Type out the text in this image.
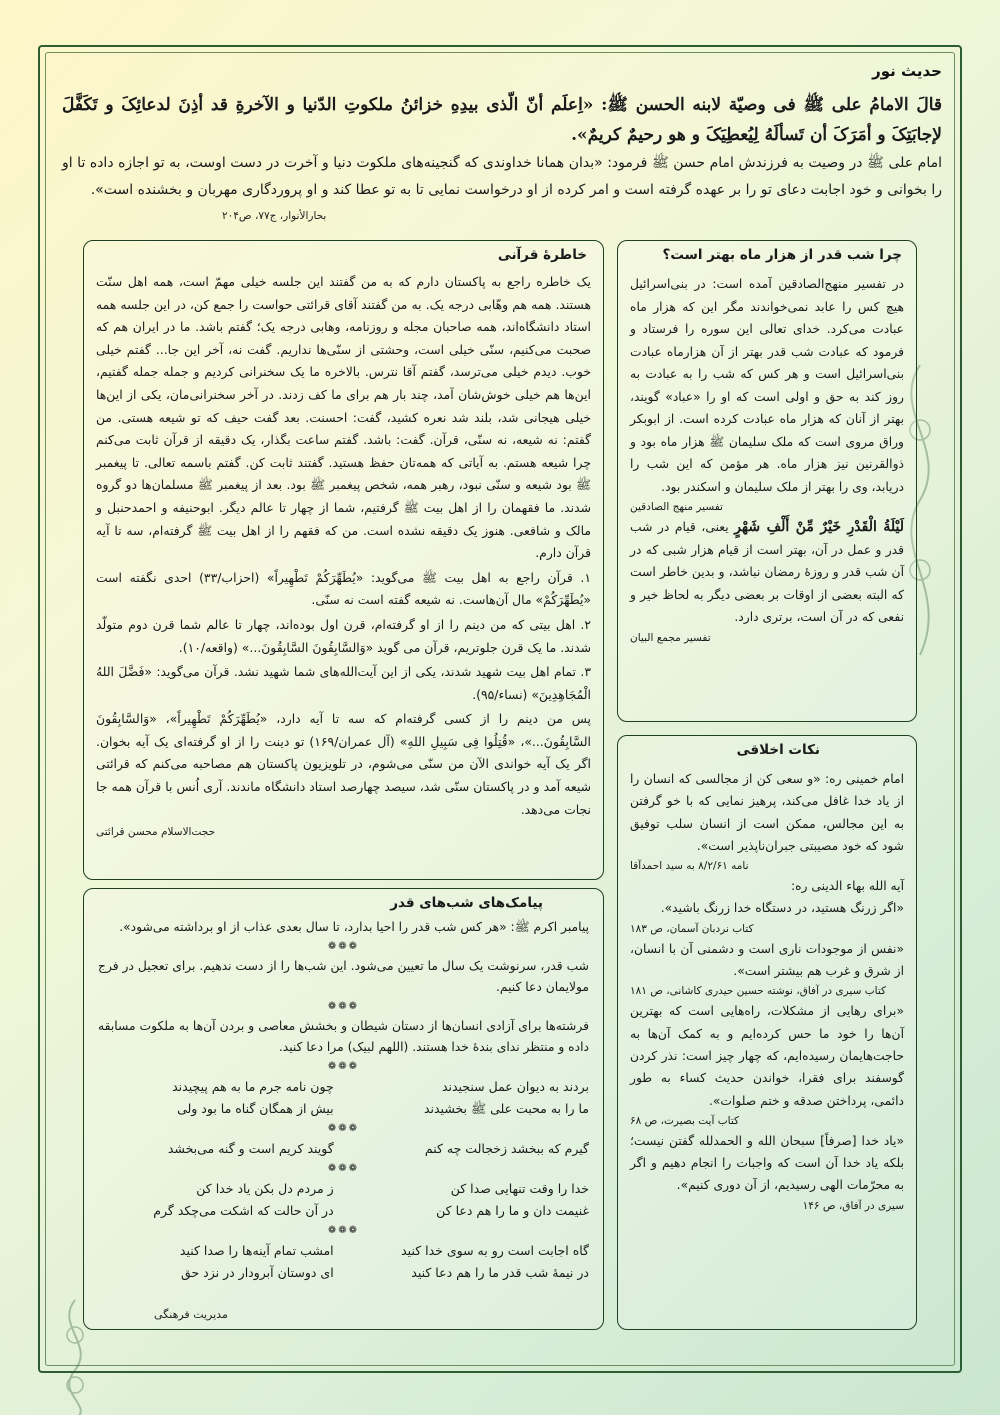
حدیث نور

قالَ الامامُ علی ﷺ فی وصیّة لابنه الحسن ﷺ: «اِعلَم أنّ الّذی بیدِهِ خزائنُ ملکوتِ الدّنیا و الآخرةِ قد أذِنَ لدعائِکَ و تَکَفَّلَ لإجابَتِکَ و أمَرَکَ أن تَسألَهُ لِیُعطِیَکَ و هو رحیمٌ کریمٌ».

امام علی ﷺ در وصیت به فرزندش امام حسن ﷺ فرمود: «بدان همانا خداوندی که گنجینه‌های ملکوت دنیا و آخرت در دست اوست، به تو اجازه داده تا او را بخوانی و خود اجابت دعای تو را بر عهده گرفته است و امر کرده از او درخواست نمایی تا به تو عطا کند و او پروردگاری مهربان و بخشنده است».

بحارالأنوار، ج۷۷، ص۲۰۴
خاطرهٔ قرآنی

یک خاطره راجع به پاکستان دارم که به من گفتند این جلسه خیلی مهمّ است، همه اهل سنّت هستند. همه هم وهّابی درجه یک. به من گفتند آقای قرائتی حواست را جمع کن، در این جلسه همه استاد دانشگاه‌اند، همه صاحبان مجله و روزنامه، وهابی درجه یک؛ گفتم باشد. ما در ایران هم که صحبت می‌کنیم، سنّی خیلی است، وحشتی از سنّی‌ها نداریم. گفت نه، آخر این جا... گفتم خیلی خوب. دیدم خیلی می‌ترسد، گفتم آقا نترس. بالاخره ما یک سخنرانی کردیم و جمله جمله گفتیم، این‌ها هم خیلی خوش‌شان آمد، چند بار هم برای ما کف زدند. در آخر سخنرانی‌مان، یکی از این‌ها خیلی هیجانی شد، بلند شد نعره کشید، گفت: احسنت. بعد گفت حیف که تو شیعه هستی. من گفتم: نه شیعه، نه سنّی، قرآن. گفت: باشد. گفتم ساعت بگذار، یک دقیقه از قرآن ثابت می‌کنم چرا شیعه هستم. به آیاتی که همه‌تان حفظ هستید. گفتند ثابت کن. گفتم باسمه تعالی. تا پیغمبر ﷺ بود شیعه و سنّی نبود، رهبر همه، شخص پیغمبر ﷺ بود. بعد از پیغمبر ﷺ مسلمان‌ها دو گروه شدند. ما فقهمان را از اهل بیت ﷺ گرفتیم، شما از چهار تا عالم دیگر. ابوحنیفه و احمدحنبل و مالک و شافعی. هنوز یک دقیقه نشده است. من که فقهم را از اهل بیت ﷺ گرفته‌ام، سه تا آیه قرآن دارم.

۱. قرآن راجع به اهل بیت ﷺ می‌گوید: «یُطَهِّرَکُمْ تَطْهِیراً» (احزاب/۳۳) احدی نگفته است «یُطَهِّرَکُمْ» مال آن‌هاست. نه شیعه گفته است نه سنّی.

۲. اهل بیتی که من دینم را از او گرفته‌ام، قرن اول بوده‌اند، چهار تا عالم شما قرن دوم متولّد شدند. ما یک قرن جلوتریم، قرآن می گوید «وَالسَّابِقُونَ السَّابِقُونَ...» (واقعه/۱۰).

۳. تمام اهل بیت شهید شدند، یکی از این آیت‌الله‌های شما شهید نشد. قرآن می‌گوید: «فَضَّلَ اللهُ الْمُجَاهِدِینَ» (نساء/۹۵).

پس من دینم را از کسی گرفته‌ام که سه تا آیه دارد، «یُطَهِّرَکُمْ تَطْهِیراً»، «وَالسَّابِقُونَ السَّابِقُونَ...»، «قُتِلُوا فِی سَبِیلِ اللهِ» (آل عمران/۱۶۹) تو دینت را از او گرفته‌ای یک آیه بخوان. اگر یک آیه خواندی الآن من سنّی می‌شوم، در تلویزیون پاکستان هم مصاحبه می‌کنم که قرائتی شیعه آمد و در پاکستان سنّی شد، سیصد چهارصد استاد دانشگاه ماندند. آری اُنس با قرآن همه جا نجات می‌دهد.

حجت‌الاسلام محسن قرائتی
چرا شب قدر از هزار ماه بهتر است؟

در تفسیر منهج‌الصادقین آمده است: در بنی‌اسرائیل هیچ کس را عابد نمی‌خواندند مگر این که هزار ماه عبادت می‌کرد. خدای تعالی این سوره را فرستاد و فرمود که عبادت شب قدر بهتر از آن هزارماه عبادت بنی‌اسرائیل است و هر کس که شب را به عبادت به روز کند به حق و اولی است که او را «عباد» گویند، بهتر از آنان که هزار ماه عبادت کرده است. از ابوبکر وراق مروی است که ملک سلیمان ﷺ هزار ماه بود و ذوالقرنین نیز هزار ماه. هر مؤمن که این شب را دریابد، وی را بهتر از ملک سلیمان و اسکندر بود.

تفسیر منهج الصادقین

لَیْلَةُ الْقَدْرِ خَیْرٌ مِّنْ أَلْفِ شَهْرٍ یعنی، قیام در شب قدر و عمل در آن، بهتر است از قیام هزار شبی که در آن شب قدر و روزهٔ رمضان نباشد، و بدین خاطر است که البته بعضی از اوقات بر بعضی دیگر به لحاظ خیر و نفعی که در آن است، برتری دارد.

تفسیر مجمع البیان
نکات اخلاقی

امام خمینی ره: «و سعی کن از مجالسی که انسان را از یاد خدا غافل می‌کند، پرهیز نمایی که با خو گرفتن به این مجالس، ممکن است از انسان سلب توفیق شود که خود مصیبتی جبران‌ناپذیر است».

نامه ۸/۲/۶۱ به سید احمدآقا

آیه الله بهاء الدینی ره:

«اگر زرنگ هستید، در دستگاه خدا زرنگ باشید».

کتاب نردبان آسمان، ص ۱۸۳

«نفس از موجودات ناری است و دشمنی آن با انسان، از شرق و غرب هم بیشتر است».

کتاب سیری در آفاق، نوشته حسین حیدری کاشانی، ص ۱۸۱

«برای رهایی از مشکلات، راه‌هایی است که بهترین آن‌ها را خود ما حس کرده‌ایم و به کمک آن‌ها به حاجت‌هایمان رسیده‌ایم، که چهار چیز است: نذر کردن گوسفند برای فقرا، خواندن حدیث کساء به طور دائمی، پرداختن صدقه و ختم صلوات».

کتاب آیت بصیرت، ص ۶۸

«یاد خدا [صرفاً] سبحان الله و الحمدلله گفتن نیست؛ بلکه یاد خدا آن است که واجبات را انجام دهیم و اگر به محرّمات الهی رسیدیم، از آن دوری کنیم».

سیری در آفاق، ص ۱۴۶
پیامک‌های شب‌های قدر

پیامبر اکرم ﷺ: «هر کس شب قدر را احیا بدارد، تا سال بعدی عذاب از او برداشته می‌شود».

❁❁❁

شب قدر، سرنوشت یک سال ما تعیین می‌شود. این شب‌ها را از دست ندهیم. برای تعجیل در فرج مولایمان دعا کنیم.

❁❁❁

فرشته‌ها برای آزادی انسان‌ها از دستان شیطان و بخشش معاصی و بردن آن‌ها به ملکوت مسابقه داده و منتظر ندای بندهٔ خدا هستند. (اللهم لبیک) مرا دعا کنید.

❁❁❁
چون نامه جرم ما به هم پیچیدند	بردند به دیوان عمل سنجیدند
بیش از همگان گناه ما بود ولی	ما را به محبت علی ﷺ بخشیدند
❁❁❁
گویند کریم است و گنه می‌بخشد	گیرم که ببخشد زخجالت چه کنم
❁❁❁
ز مردم دل بکن یاد خدا کن	خدا را وقت تنهایی صدا کن
در آن حالت که اشکت می‌چکد گرم	غنیمت دان و ما را هم دعا کن
❁❁❁
امشب تمام آینه‌ها را صدا کنید	گاه اجابت است رو به سوی خدا کنید
ای دوستان آبرودار در نزد حق	در نیمهٔ شب قدر ما را هم دعا کنید
مدیریت فرهنگی
